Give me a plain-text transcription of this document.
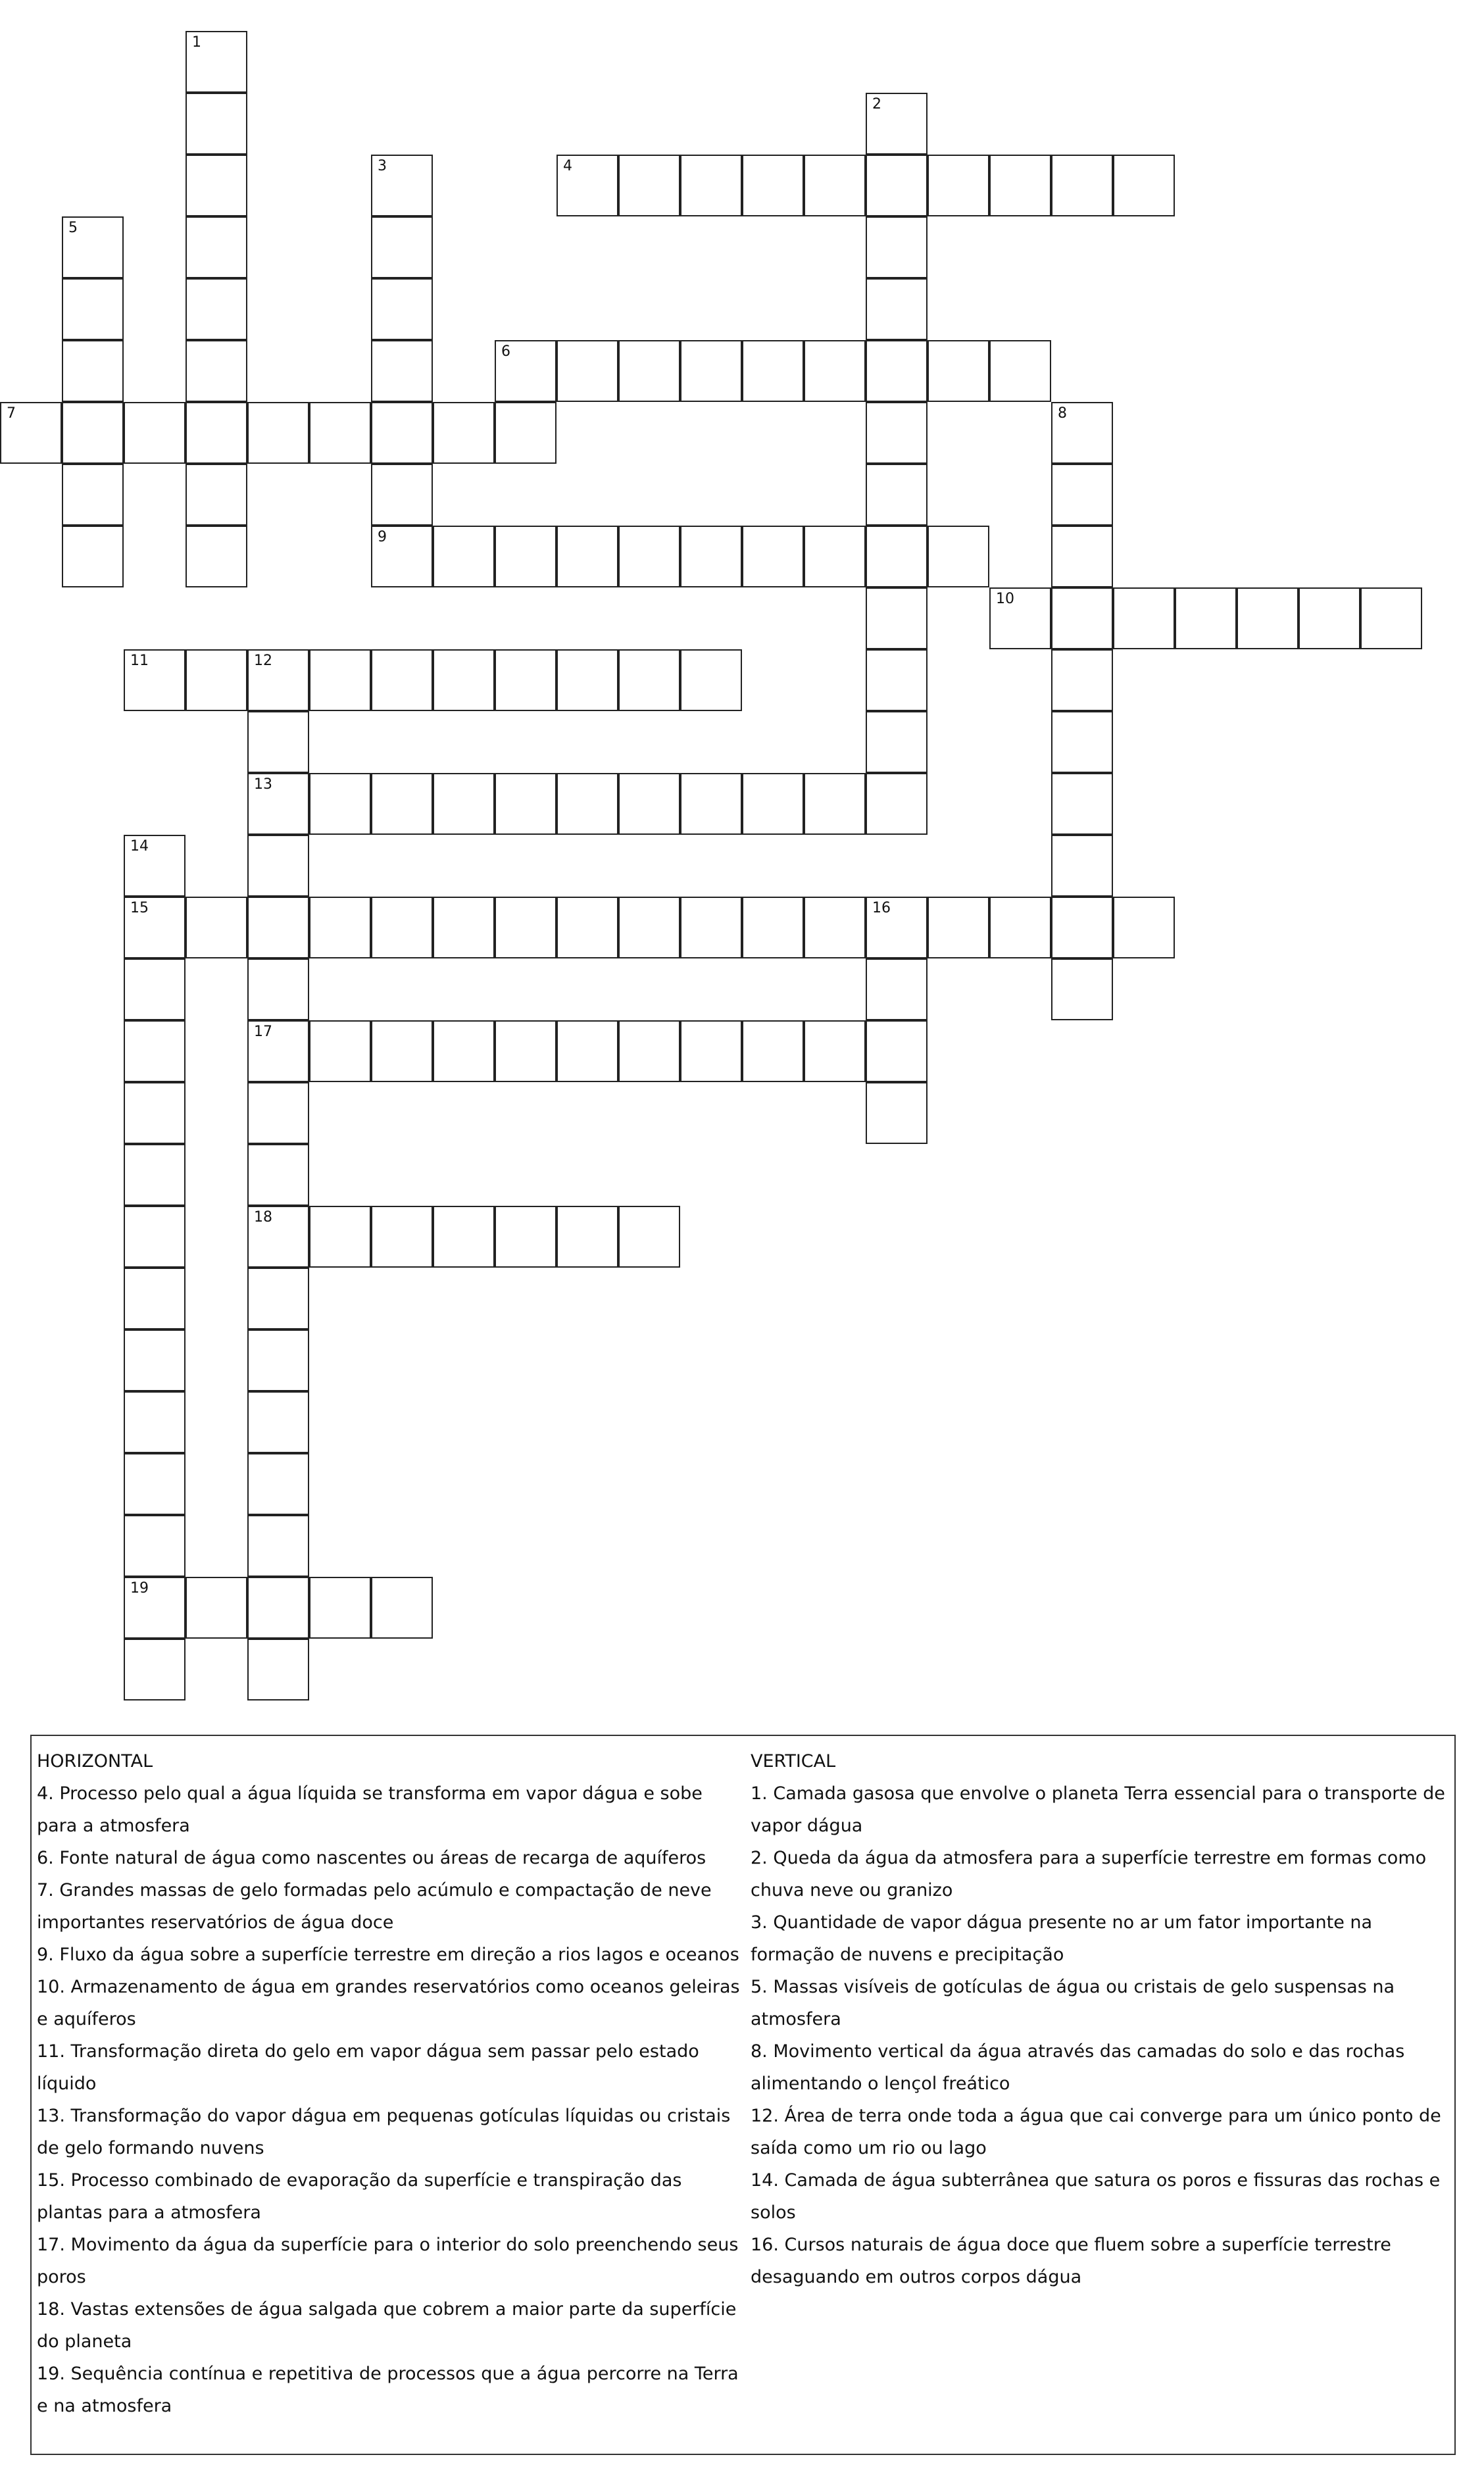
1
2
3	4
5
6
7	8
9
10
11	12
13
17
18
14
15
19
16

HORIZONTAL

4. Processo pelo qual a água líquida se transforma em vapor dágua e sobe para a atmosfera

6. Fonte natural de água como nascentes ou áreas de recarga de aquíferos

7. Grandes massas de gelo formadas pelo acúmulo e compactação de neve importantes reservatórios de água doce

9. Fluxo da água sobre a superfície terrestre em direção a rios lagos e oceanos

10. Armazenamento de água em grandes reservatórios como oceanos geleiras e aquíferos

11. Transformação direta do gelo em vapor dágua sem passar pelo estado líquido

13. Transformação do vapor dágua em pequenas gotículas líquidas ou cristais de gelo formando nuvens

15. Processo combinado de evaporação da superfície e transpiração das plantas para a atmosfera

17. Movimento da água da superfície para o interior do solo preenchendo seus poros

18. Vastas extensões de água salgada que cobrem a maior parte da superfície do planeta

19. Sequência contínua e repetitiva de processos que a água percorre na Terra e na atmosfera

VERTICAL

1. Camada gasosa que envolve o planeta Terra essencial para o transporte de vapor dágua

2. Queda da água da atmosfera para a superfície terrestre em formas como chuva neve ou granizo

3. Quantidade de vapor dágua presente no ar um fator importante na formação de nuvens e precipitação

5. Massas visíveis de gotículas de água ou cristais de gelo suspensas na atmosfera

8. Movimento vertical da água através das camadas do solo e das rochas alimentando o lençol freático

12. Área de terra onde toda a água que cai converge para um único ponto de saída como um rio ou lago

14. Camada de água subterrânea que satura os poros e fissuras das rochas e solos

16. Cursos naturais de água doce que fluem sobre a superfície terrestre desaguando em outros corpos dágua
